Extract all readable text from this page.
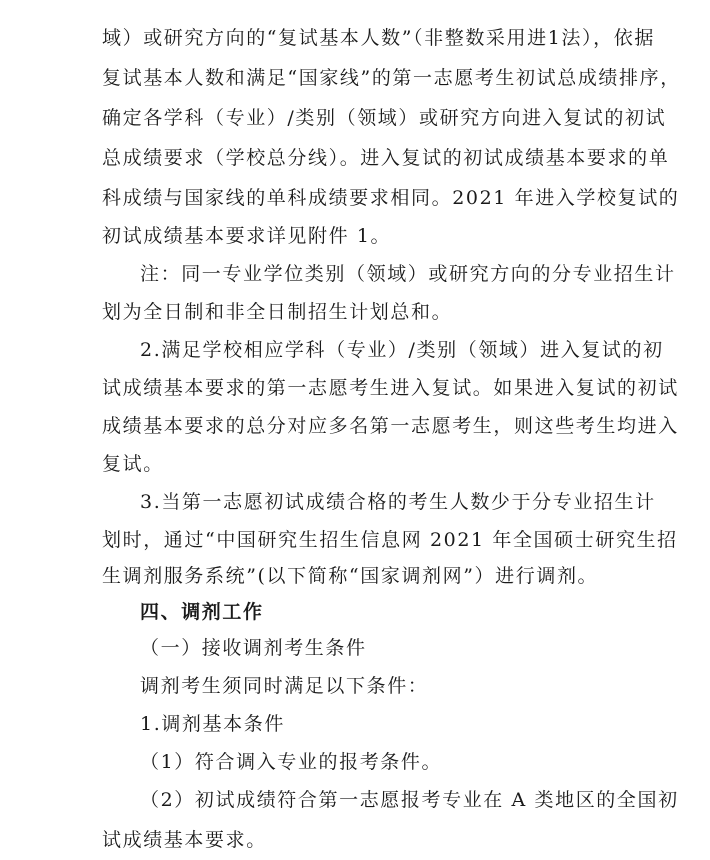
域）或研究方向的“复试基本人数”（非整数采用进1法），依据
复试基本人数和满足“国家线”的第一志愿考生初试总成绩排序，
确定各学科（专业）/类别（领域）或研究方向进入复试的初试
总成绩要求（学校总分线）。进入复试的初试成绩基本要求的单
科成绩与国家线的单科成绩要求相同。2021 年进入学校复试的
初试成绩基本要求详见附件 1。
注：同一专业学位类别（领域）或研究方向的分专业招生计
划为全日制和非全日制招生计划总和。
2.满足学校相应学科（专业）/类别（领域）进入复试的初
试成绩基本要求的第一志愿考生进入复试。如果进入复试的初试
成绩基本要求的总分对应多名第一志愿考生，则这些考生均进入
复试。
3.当第一志愿初试成绩合格的考生人数少于分专业招生计
划时，通过“中国研究生招生信息网 2021 年全国硕士研究生招
生调剂服务系统”(以下简称“国家调剂网”）进行调剂。
四、调剂工作
（一）接收调剂考生条件
调剂考生须同时满足以下条件：
1.调剂基本条件
（1）符合调入专业的报考条件。
（2）初试成绩符合第一志愿报考专业在 A 类地区的全国初
试成绩基本要求。
